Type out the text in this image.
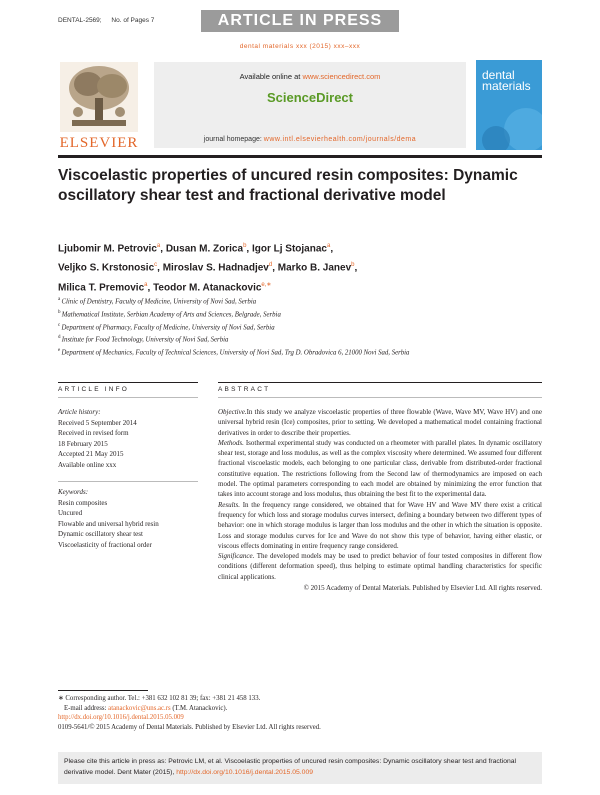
DENTAL-2569; No. of Pages 7	ARTICLE IN PRESS
dental materials xxx (2015) xxx–xxx
ELSEVIER
Available online at www.sciencedirect.com
ScienceDirect
journal homepage: www.intl.elsevierhealth.com/journals/dema
dental
materials
Viscoelastic properties of uncured resin composites: Dynamic oscillatory shear test and fractional derivative model
Ljubomir M. Petrovic$^a$, Dusan M. Zorica$^b$, Igor Lj Stojanac$^a$,
Veljko S. Krstonosic$^c$, Miroslav S. Hadnadjev$^d$, Marko B. Janev$^b$,
Milica T. Premovic$^a$, Teodor M. Atanackovic$^{e,∗}$
$^a$ Clinic of Dentistry, Faculty of Medicine, University of Novi Sad, Serbia
$^b$ Mathematical Institute, Serbian Academy of Arts and Sciences, Belgrade, Serbia
$^c$ Department of Pharmacy, Faculty of Medicine, University of Novi Sad, Serbia
$^d$ Institute for Food Technology, University of Novi Sad, Serbia
$^e$ Department of Mechanics, Faculty of Technical Sciences, University of Novi Sad, Trg D. Obradovica 6, 21000 Novi Sad, Serbia
ARTICLE INFO	ABSTRACT
Article history:
Received 5 September 2014
Received in revised form
18 February 2015
Accepted 21 May 2015
Available online xxx
Keywords:
Resin composites
Uncured
Flowable and universal hybrid resin
Dynamic oscillatory shear test
Viscoelasticity of fractional order

Objective.In this study we analyze viscoelastic properties of three flowable (Wave, Wave MV, Wave HV) and one universal hybrid resin (Ice) composites, prior to setting. We developed a mathematical model containing fractional derivatives in order to describe their properties.

Methods. Isothermal experimental study was conducted on a rheometer with parallel plates. In dynamic oscillatory shear test, storage and loss modulus, as well as the complex viscosity where determined. We assumed four different fractional viscoelastic models, each belonging to one particular class, derivable from distributed-order fractional constitutive equation. The restrictions following from the Second law of thermodynamics are imposed on each model. The optimal parameters corresponding to each model are obtained by minimizing the error function that takes into account storage and loss modulus, thus obtaining the best fit to the experimental data.

Results. In the frequency range considered, we obtained that for Wave HV and Wave MV there exist a critical frequency for which loss and storage modulus curves intersect, defining a boundary between two different types of behavior: one in which storage modulus is larger than loss modulus and the other in which the situation is opposite. Loss and storage modulus curves for Ice and Wave do not show this type of behavior, having either elastic, or viscous effects dominating in entire frequency range considered.

Significance. The developed models may be used to predict behavior of four tested composites in different flow conditions (different deformation speed), thus helping to estimate optimal handling characteristics for specific clinical applications.

© 2015 Academy of Dental Materials. Published by Elsevier Ltd. All rights reserved.

∗ Corresponding author. Tel.: +381 632 102 81 39; fax: +381 21 458 133.
E-mail address: atanackovic@uns.ac.rs (T.M. Atanackovic).
http://dx.doi.org/10.1016/j.dental.2015.05.009
0109-5641/© 2015 Academy of Dental Materials. Published by Elsevier Ltd. All rights reserved.
Please cite this article in press as: Petrovic LM, et al. Viscoelastic properties of uncured resin composites: Dynamic oscillatory shear test and fractional derivative model. Dent Mater (2015), http://dx.doi.org/10.1016/j.dental.2015.05.009
